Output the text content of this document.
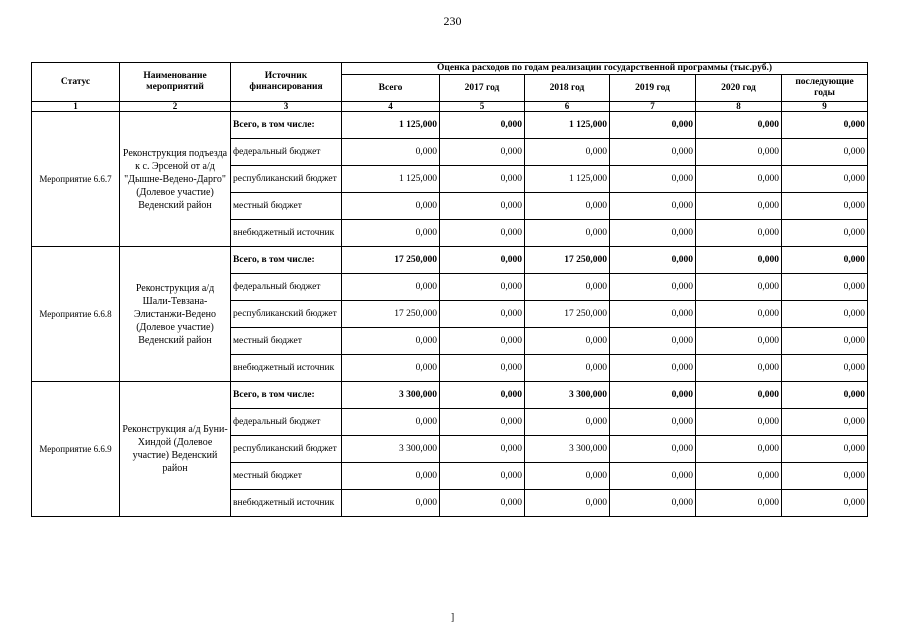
230
Статус	Наименование мероприятий	Источник финансирования	Оценка расходов по годам реализации государственной программы (тыс.руб.)					
			Всего	2017 год	2018 год	2019 год	2020 год	последующие годы
1	2	3	4	5	6	7	8	9
Мероприятие 6.6.7	Реконструкция подъезда к с. Эрсеной от а/д "Дышне-Ведено-Дарго" (Долевое участие) Веденский район	Всего, в том числе:	1 125,000	0,000	1 125,000	0,000	0,000	0,000
		федеральный бюджет	0,000	0,000	0,000	0,000	0,000	0,000
		республиканский бюджет	1 125,000	0,000	1 125,000	0,000	0,000	0,000
		местный бюджет	0,000	0,000	0,000	0,000	0,000	0,000
		внебюджетный источник	0,000	0,000	0,000	0,000	0,000	0,000
Мероприятие 6.6.8	Реконструкция а/д Шали-Тевзана-Элистанжи-Ведено (Долевое участие) Веденский район	Всего, в том числе:	17 250,000	0,000	17 250,000	0,000	0,000	0,000
		федеральный бюджет	0,000	0,000	0,000	0,000	0,000	0,000
		республиканский бюджет	17 250,000	0,000	17 250,000	0,000	0,000	0,000
		местный бюджет	0,000	0,000	0,000	0,000	0,000	0,000
		внебюджетный источник	0,000	0,000	0,000	0,000	0,000	0,000
Мероприятие 6.6.9	Реконструкция а/д Буни-Хиндой (Долевое участие) Веденский район	Всего, в том числе:	3 300,000	0,000	3 300,000	0,000	0,000	0,000
		федеральный бюджет	0,000	0,000	0,000	0,000	0,000	0,000
		республиканский бюджет	3 300,000	0,000	3 300,000	0,000	0,000	0,000
		местный бюджет	0,000	0,000	0,000	0,000	0,000	0,000
		внебюджетный источник	0,000	0,000	0,000	0,000	0,000	0,000
]
